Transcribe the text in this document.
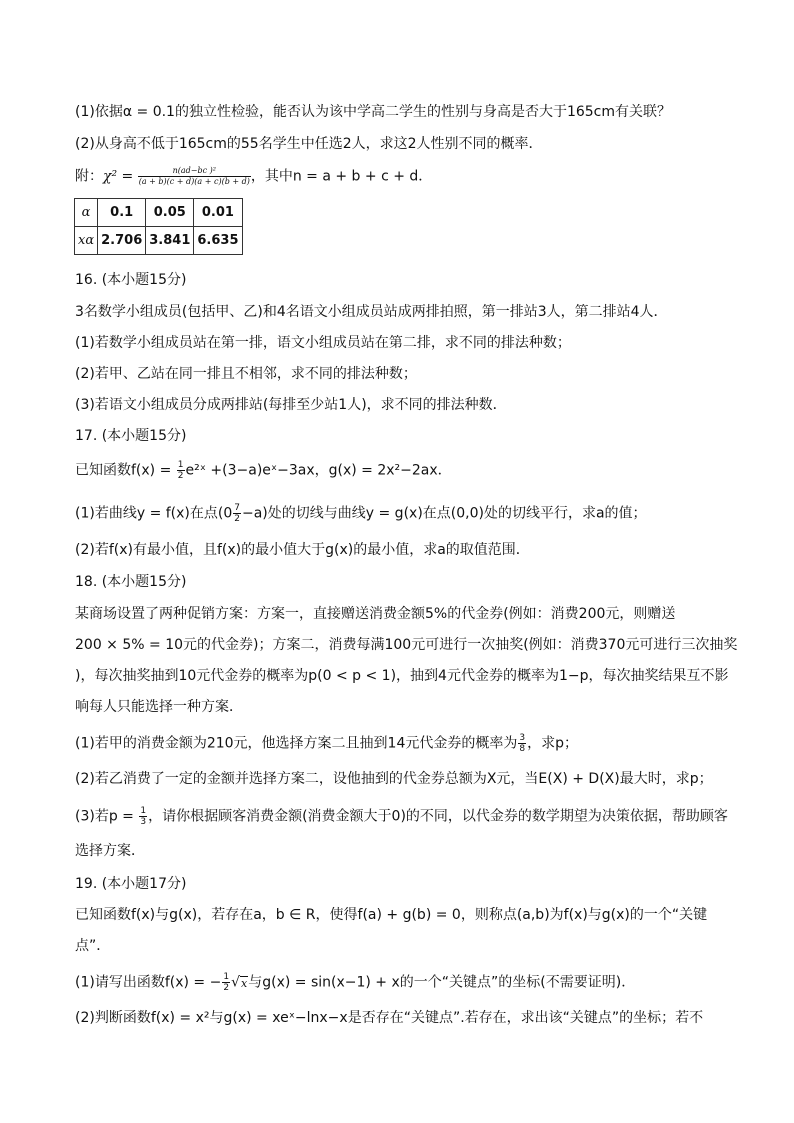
(1)依据α = 0.1的独立性检验，能否认为该中学高二学生的性别与身高是否大于165cm有关联？
(2)从身高不低于165cm的55名学生中任选2人，求这2人性别不同的概率．
附：$\chi^2 = \frac{\text{n(ad−bc )²}}{(a + b)(c + d)(a + c)(b + d)}$ ，其中n = a + b + c + d．
α	0.1	0.05	0.01
xα	2.706	3.841	6.635
16. (本小题15分)
3名数学小组成员(包括甲、乙)和4名语文小组成员站成两排拍照，第一排站3人，第二排站4人．
(1)若数学小组成员站在第一排，语文小组成员站在第二排，求不同的排法种数；
(2)若甲、乙站在同一排且不相邻，求不同的排法种数；
(3)若语文小组成员分成两排站(每排至少站1人)，求不同的排法种数．
17. (本小题15分)
已知函数$f(x) = \frac{1}{2}$ e²ˣ +(3−a)eˣ−3ax，g(x) = 2x²−2ax．
(1)若曲线y = f(x)在点$(0 \frac{7}{2} -a)$处的切线与曲线y = g(x)在点(0,0)处的切线平行，求a的值；
(2)若f(x)有最小值，且f(x)的最小值大于g(x)的最小值，求a的取值范围．
18. (本小题15分)
某商场设置了两种促销方案：方案一，直接赠送消费金额5%的代金券(例如：消费200元，则赠送
200 × 5% = 10元的代金券)；方案二，消费每满100元可进行一次抽奖(例如：消费370元可进行三次抽奖
)，每次抽奖抽到10元代金券的概率为p(0 < p < 1)，抽到4元代金券的概率为1−p，每次抽奖结果互不影
响每人只能选择一种方案．
(1)若甲的消费金额为210元，他选择方案二且抽到14元代金券的概率为 $\frac{3}{8}$ ，求p；
(2)若乙消费了一定的金额并选择方案二，设他抽到的代金券总额为X元，当E(X) + D(X)最大时，求p；
(3)若$p = \frac{1}{3}$ ，请你根据顾客消费金额(消费金额大于0)的不同，以代金券的数学期望为决策依据，帮助顾客
选择方案．
19. (本小题17分)
已知函数f(x)与g(x)，若存在a，b ∈ R，使得f(a) + g(b) = 0，则称点(a,b)为f(x)与g(x)的一个“关键
点”．
(1)请写出函数f(x) = − $\frac{1}{2} √x$与g(x) = sin(x−1) + x的一个“关键点”的坐标(不需要证明)．
(2)判断函数f(x) = x²与g(x) = xeˣ−lnx−x是否存在“关键点”.若存在，求出该“关键点”的坐标；若不
